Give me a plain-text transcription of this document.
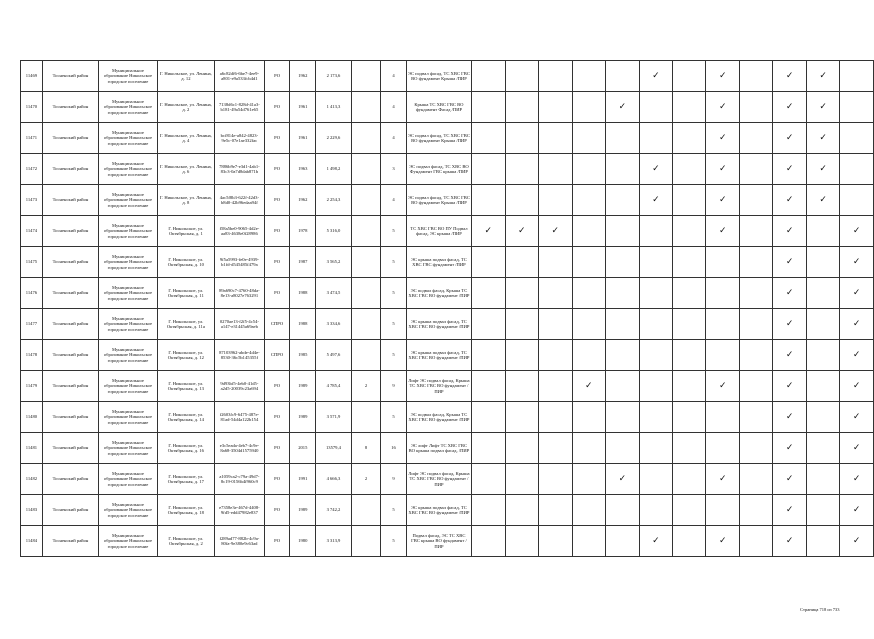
11469	Тосненский район	Муниципальное образование Никольское городское поселение	Г. Никольское, ул. Ленина, д. 12	a6c82df6-6be7-4ee9-a801-e9a533fcb4d1	РО	1962	2 173,6		4	ЭС подвал фасад, ТС ХВС ГВС ВО фундамент Крыша /ПИР						✓		✓		✓	✓	
11470	Тосненский район	Муниципальное образование Никольское городское поселение	Г. Никольское, ул. Ленина, д. 2	7138d6c1-828d-41a3-b181-49a54d761e65	РО	1961	1 413,3		4	Крыша ТС ХВС ГВС ВО фундамент Фасад /ПИР					✓			✓		✓	✓	
11471	Тосненский район	Муниципальное образование Никольское городское поселение	Г. Никольское, ул. Ленина, д. 4	bcf814e-a842-4823-9e5c-07e1ae332fac	РО	1961	2 229,6		4	ЭС подвал фасад, ТС ХВС ГВС ВО фундамент Крыша /ПИР								✓		✓	✓	
11472	Тосненский район	Муниципальное образование Никольское городское поселение	Г. Никольское, ул. Ленина, д. 6	7886b9e7-e3d1-4ab1-83c3-0a7d8dab871b	РО	1963	1 498,2		3	ЭС подвал фасад, ТС ХВС ВО Фундамент ГВС крыша /ПИР						✓		✓		✓	✓	
11473	Тосненский район	Муниципальное образование Никольское городское поселение	Г. Никольское, ул. Ленина, д. 8	4ac5f8b3-622f-42d3-b8d0-42b96edaa94f	РО	1962	2 254,3		4	ЭС подвал фасад, ТС ХВС ГВС ВО фундамент Крыша /ПИР						✓		✓		✓	✓	
11474	Тосненский район	Муниципальное образование Никольское городское поселение	Г. Никольское, ул. Октябрьская, д. 1	f58a5be0-9065-4d2e-aa83-4638e0f28986	РО	1978	5 316,0		5	ТС ХВС ГВС ВО ПУ Подвал фасад, ЭС крыша /ПИР	✓	✓	✓					✓		✓		✓
11475	Тосненский район	Муниципальное образование Никольское городское поселение	Г. Никольское, ул. Октябрьская, д. 10	9f5a5993-fe0e-4939-b1fd-d545485f479a	РО	1987	3 565,2		5	ЭС крыша подвал фасад, ТС ХВС ГВС фундамент /ПИР										✓		✓
11476	Тосненский район	Муниципальное образование Никольское городское поселение	Г. Никольское, ул. Октябрьская, д. 11	89a690c7-4760-48da-8e13-a8027e763291	РО	1988	3 474,5		5	ЭС подвал фасад, Крыша ТС ХВС ГВС ВО фундамент /ПИР										✓		✓
11477	Тосненский район	Муниципальное образование Никольское городское поселение	Г. Никольское, ул. Октябрьская, д. 11а	0270ae13-f2f5-4c54-a147-e31445a69aeb	СПРО	1988	3 334,6		5	ЭС крыша подвал фасад, ТС ХВС ГВС ВО фундамент /ПИР										✓		✓
11478	Тосненский район	Муниципальное образование Никольское городское поселение	Г. Никольское, ул. Октябрьская, д. 12	87103962-abde-4d4e-8530-36c5b145355f	СПРО	1985	5 497,6		5	ЭС крыша подвал фасад, ТС ХВС ГВС ВО фундамент /ПИР										✓		✓
11479	Тосненский район	Муниципальное образование Никольское городское поселение	Г. Никольское, ул. Октябрьская, д. 13	9d93bf5-4eb0-41d5-a2d5-20039c23a694	РО	1989	4 785,4	2	9	Лифт ЭС подвал фасад, Крыша ТС ХВС ГВС ВО фундамент /ПИР				✓				✓		✓		✓
11480	Тосненский район	Муниципальное образование Никольское городское поселение	Г. Никольское, ул. Октябрьская, д. 14	f2603fc9-6475-487e-81ad-54d4a122b154	РО	1989	3 571,9		5	ЭС подвал фасад, Крыша ТС ХВС ГВС ВО фундамент /ПИР										✓		✓
11481	Тосненский район	Муниципальное образование Никольское городское поселение	Г. Никольское, ул. Октябрьская, д. 16	e3c5eada-4eb7-4c9e-8a68-3504d1575940	РО	2015	13579,4	8	16	ЭС лифт Лифт ТС ХВС ГВС ВО крыша подвал фасад, /ПИР										✓		✓
11482	Тосненский район	Муниципальное образование Никольское городское поселение	Г. Никольское, ул. Октябрьская, д. 17	a1059ca2-c79a-49d7-8c19-0156b4f960c9	РО	1991	4 666,3	2	9	Лифт ЭС подвал фасад, Крыша ТС ХВС ГВС ВО фундамент /ПИР					✓			✓		✓		✓
11483	Тосненский район	Муниципальное образование Никольское городское поселение	Г. Никольское, ул. Октябрьская, д. 18	e7358e3e-467d-4408-9fd5-edd47982e837	РО	1989	3 742,2		5	ЭС крыша подвал фасад, ТС ХВС ГВС ВО фундамент /ПИР										✓		✓
11484	Тосненский район	Муниципальное образование Никольское городское поселение	Г. Никольское, ул. Октябрьская, д. 2	f289ad77-882b-4c9a-80fa-9e380e9c63ad	РО	1980	3 313,9		5	Подвал фасад, ЭС ТС ХВС ГВС крыша ВО фундамент /ПИР						✓		✓		✓		✓
Страница 718 из 733
